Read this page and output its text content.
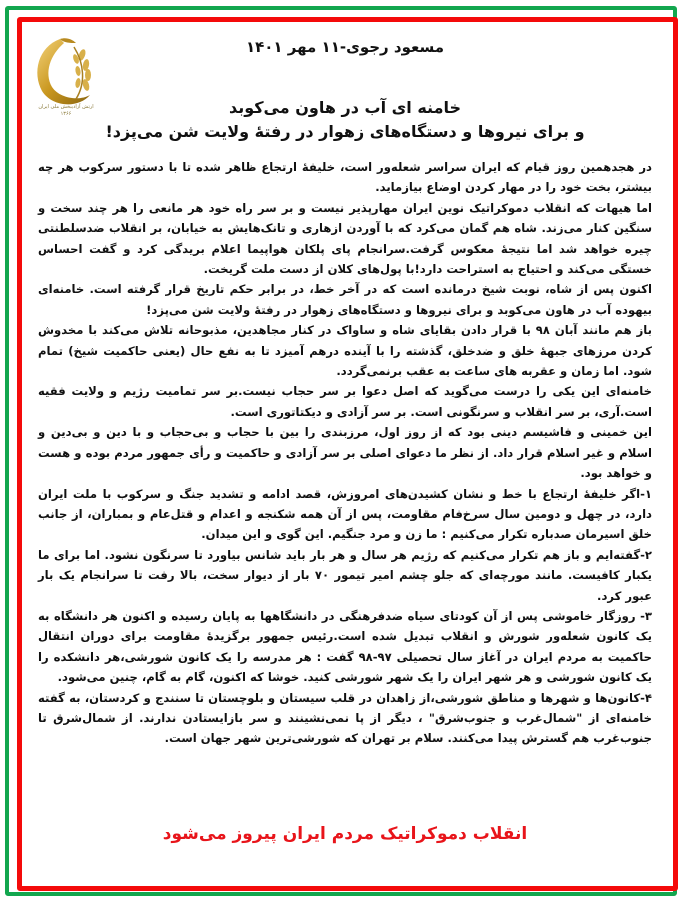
ارتش آزادیبخش ملی ایران
۱۳۶۶
مسعود رجوی-۱۱ مهر ۱۴۰۱
خامنه ای آب در هاون می‌کوبد
و برای نیروها و دستگاه‌های زهوار در رفتهٔ ولایت شن می‌پزد!

در هجدهمین روز قیام که ایران سراسر شعله‌ور است، خلیفهٔ ارتجاع ظاهر شده تا با دستور سرکوب هر چه بیشتر، بخت خود را در مهار کردن اوضاع بیازماید.

اما هیهات که انقلاب دموکراتیک نوین ایران مهارپذیر نیست و بر سر راه خود هر مانعی را هر چند سخت و سنگین کنار می‌زند. شاه هم گمان می‌کرد که با آوردن ازهاری و تانک‌هایش به خیابان، بر انقلاب ضدسلطنتی چیره خواهد شد اما نتیجهٔ معکوس گرفت.سرانجام پای پلکان هواپیما اعلام بریدگی کرد و گفت احساس خستگی می‌کند و احتیاج به استراحت دارد!با پول‌های کلان از دست ملت گریخت.

اکنون پس از شاه، نوبت شیخ درمانده است که در آخر خط، در برابر حکم تاریخ قرار گرفته است. خامنه‌ای بیهوده آب در هاون می‌کوبد و برای نیروها و دستگاه‌های زهوار در رفتهٔ ولایت شن می‌پزد!

باز هم مانند آبان ۹۸ با قرار دادن بقایای شاه و ساواک در کنار مجاهدین، مذبوحانه تلاش می‌کند با مخدوش کردن مرزهای جبههٔ خلق و ضدخلق، گذشته را با آینده درهم آمیزد تا به نفع حال (یعنی حاکمیت شیخ) تمام شود. اما زمان و عقربه های ساعت به عقب برنمی‌گردد.

خامنه‌ای این یکی را درست می‌گوید که اصل دعوا بر سر حجاب نیست.بر سر تمامیت رژیم و ولایت فقیه است.آری، بر سر انقلاب و سرنگونی است. بر سر آزادی و دیکتاتوری است.

این خمینی و فاشیسم دینی بود که از روز اول، مرزبندی را بین با حجاب و بی‌حجاب و با دین و بی‌دین و اسلام و غیر اسلام قرار داد. از نظر ما دعوای اصلی بر سر آزادی و حاکمیت و رأی جمهور مردم بوده و هست و خواهد بود.

۱-اگر خلیفهٔ ارتجاع با خط و نشان کشیدن‌های امروزش، قصد ادامه و تشدید جنگ و سرکوب با ملت ایران دارد، در چهل و دومین سال سرخ‌فام مقاومت، پس از آن همه شکنجه و اعدام و قتل‌عام و بمباران، از جانب خلق اسیرمان صدباره تکرار می‌کنیم : ما زن و مرد جنگیم. این گوی و این میدان.

۲-گفته‌ایم و باز هم تکرار می‌کنیم که رژیم هر سال و هر بار باید شانس بیاورد تا سرنگون نشود. اما برای ما یکبار کافیست. مانند مورچه‌ای که جلو چشم امیر تیمور ۷۰ بار از دیوار سخت، بالا رفت تا سرانجام یک بار عبور کرد.

۳- روزگار خاموشی پس از آن کودتای سیاه ضدفرهنگی در دانشگاهها به پایان رسیده و اکنون هر دانشگاه به یک کانون شعله‌ور شورش و انقلاب تبدیل شده است.رئیس جمهور برگزیدهٔ مقاومت برای دوران انتقال حاکمیت به مردم ایران در آغاز سال تحصیلی ۹۷-۹۸ گفت : هر مدرسه را یک کانون شورشی،هر دانشکده را یک کانون شورشی و هر شهر ایران را یک شهر شورشی کنید. خوشا که اکنون، گام به گام، چنین می‌شود.

۴-کانون‌ها و شهرها و مناطق شورشی،از زاهدان در قلب سیستان و بلوچستان تا سنندج و کردستان، به گفته خامنه‌ای از "شمال‌غرب و جنوب‌شرق" ، دیگر از پا نمی‌نشینند و سر بازایستادن ندارند. از شمال‌شرق تا جنوب‌غرب هم گسترش پیدا می‌کنند. سلام بر تهران که شورشی‌ترین شهر جهان است.

انقلاب دموکراتیک مردم ایران پیروز می‌شود
